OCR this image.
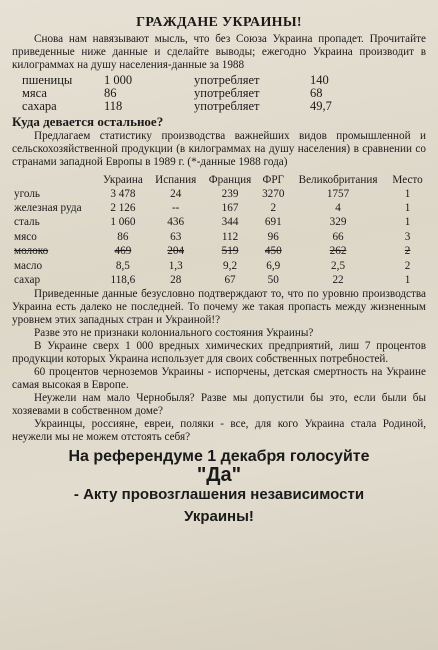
ГРАЖДАНЕ УКРАИНЫ!

Снова нам навязывают мысль, что без Союза Украина пропадет. Прочитайте приведенные ниже данные и сделайте выводы; ежегодно Украина производит в килограммах на душу населения-данные за 1988

пшеницы	1 000	употребляет	140
мяса	86	употребляет	68
сахара	118	употребляет	49,7
Куда девается остальное?

Предлагаем статистику производства важнейших видов промышленной и сельскохозяйственной продукции (в килограммах на душу населения) в сравнении со странами западной Европы в 1989 г. (*-данные 1988 года)

	Украина	Испания	Франция	ФРГ	Великобритания	Место
уголь	3 478	24	239	3270	1757	1
железная руда	2 126	--	167	2	4	1
сталь	1 060	436	344	691	329	1
мясо	86	63	112	96	66	3
молоко	469	204	519	450	262	2
масло	8,5	1,3	9,2	6,9	2,5	2
сахар	118,6	28	67	50	22	1

Приведенные данные безусловно подтверждают то, что по уровню производства Украина есть далеко не последней. То почему же такая пропасть между жизненным уровнем этих западных стран и Украиной!?

Разве это не признаки колониального состояния Украины?

В Украине сверх 1 000 вредных химических предприятий, лиш 7 процентов продукции которых Украина использует для своих собственных потребностей.

60 процентов черноземов Украины - испорчены, детская смертность на Украине самая высокая в Европе.

Неужели нам мало Чернобыля? Разве мы допустили бы это, если были бы хозяевами в собственном доме?

Украинцы, россияне, евреи, поляки - все, для кого Украина стала Родиной, неужели мы не можем отстоять себя?

На референдуме 1 декабря голосуйте
"Да"
- Акту провозглашения независимости
Украины!
